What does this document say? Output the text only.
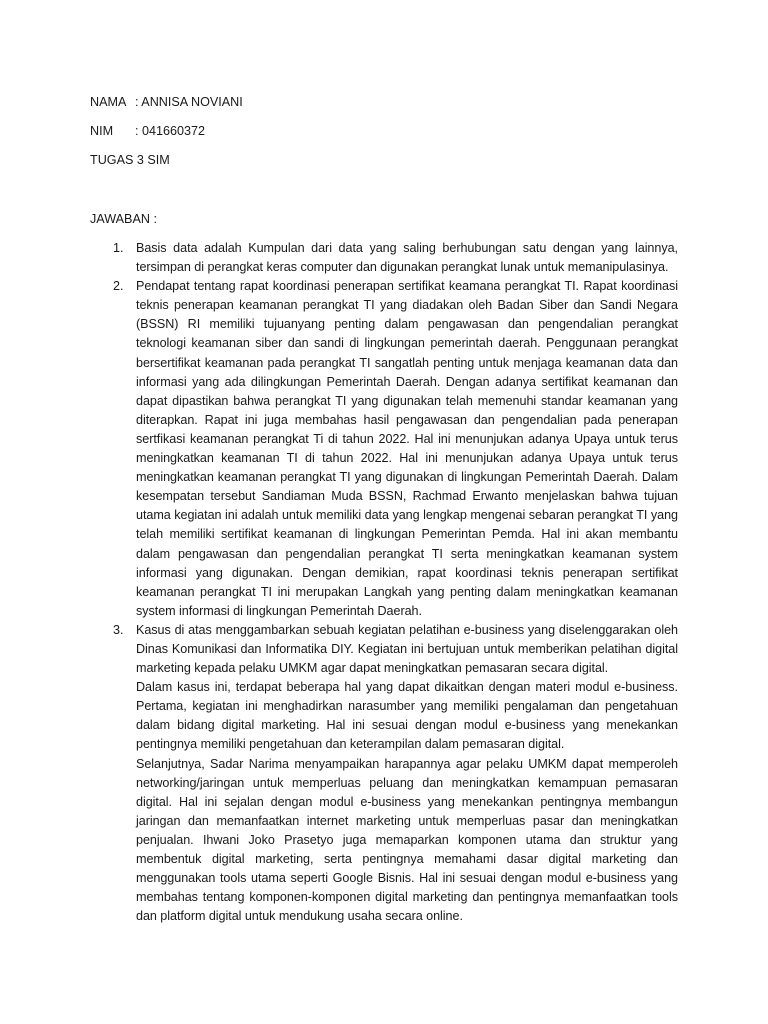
NAMA : ANNISA NOVIANI
NIM : 041660372
TUGAS 3 SIM
JAWABAN :
1. Basis data adalah Kumpulan dari data yang saling berhubungan satu dengan yang lainnya, tersimpan di perangkat keras computer dan digunakan perangkat lunak untuk memanipulasinya.

2. Pendapat tentang rapat koordinasi penerapan sertifikat keamana perangkat TI. Rapat koordinasi teknis penerapan keamanan perangkat TI yang diadakan oleh Badan Siber dan Sandi Negara (BSSN) RI memiliki tujuanyang penting dalam pengawasan dan pengendalian perangkat teknologi keamanan siber dan sandi di lingkungan pemerintah daerah. Penggunaan perangkat bersertifikat keamanan pada perangkat TI sangatlah penting untuk menjaga keamanan data dan informasi yang ada dilingkungan Pemerintah Daerah. Dengan adanya sertifikat keamanan dan dapat dipastikan bahwa perangkat TI yang digunakan telah memenuhi standar keamanan yang diterapkan. Rapat ini juga membahas hasil pengawasan dan pengendalian pada penerapan sertfikasi keamanan perangkat Ti di tahun 2022. Hal ini menunjukan adanya Upaya untuk terus meningkatkan keamanan TI di tahun 2022. Hal ini menunjukan adanya Upaya untuk terus meningkatkan keamanan perangkat TI yang digunakan di lingkungan Pemerintah Daerah. Dalam kesempatan tersebut Sandiaman Muda BSSN, Rachmad Erwanto menjelaskan bahwa tujuan utama kegiatan ini adalah untuk memiliki data yang lengkap mengenai sebaran perangkat TI yang telah memiliki sertifikat keamanan di lingkungan Pemerintan Pemda. Hal ini akan membantu dalam pengawasan dan pengendalian perangkat TI serta meningkatkan keamanan system informasi yang digunakan. Dengan demikian, rapat koordinasi teknis penerapan sertifikat keamanan perangkat TI ini merupakan Langkah yang penting dalam meningkatkan keamanan system informasi di lingkungan Pemerintah Daerah.

3. Kasus di atas menggambarkan sebuah kegiatan pelatihan e-business yang diselenggarakan oleh Dinas Komunikasi dan Informatika DIY. Kegiatan ini bertujuan untuk memberikan pelatihan digital marketing kepada pelaku UMKM agar dapat meningkatkan pemasaran secara digital.

Dalam kasus ini, terdapat beberapa hal yang dapat dikaitkan dengan materi modul e-business. Pertama, kegiatan ini menghadirkan narasumber yang memiliki pengalaman dan pengetahuan dalam bidang digital marketing. Hal ini sesuai dengan modul e-business yang menekankan pentingnya memiliki pengetahuan dan keterampilan dalam pemasaran digital.

Selanjutnya, Sadar Narima menyampaikan harapannya agar pelaku UMKM dapat memperoleh networking/jaringan untuk memperluas peluang dan meningkatkan kemampuan pemasaran digital. Hal ini sejalan dengan modul e-business yang menekankan pentingnya membangun jaringan dan memanfaatkan internet marketing untuk memperluas pasar dan meningkatkan penjualan. Ihwani Joko Prasetyo juga memaparkan komponen utama dan struktur yang membentuk digital marketing, serta pentingnya memahami dasar digital marketing dan menggunakan tools utama seperti Google Bisnis. Hal ini sesuai dengan modul e-business yang membahas tentang komponen-komponen digital marketing dan pentingnya memanfaatkan tools dan platform digital untuk mendukung usaha secara online.
